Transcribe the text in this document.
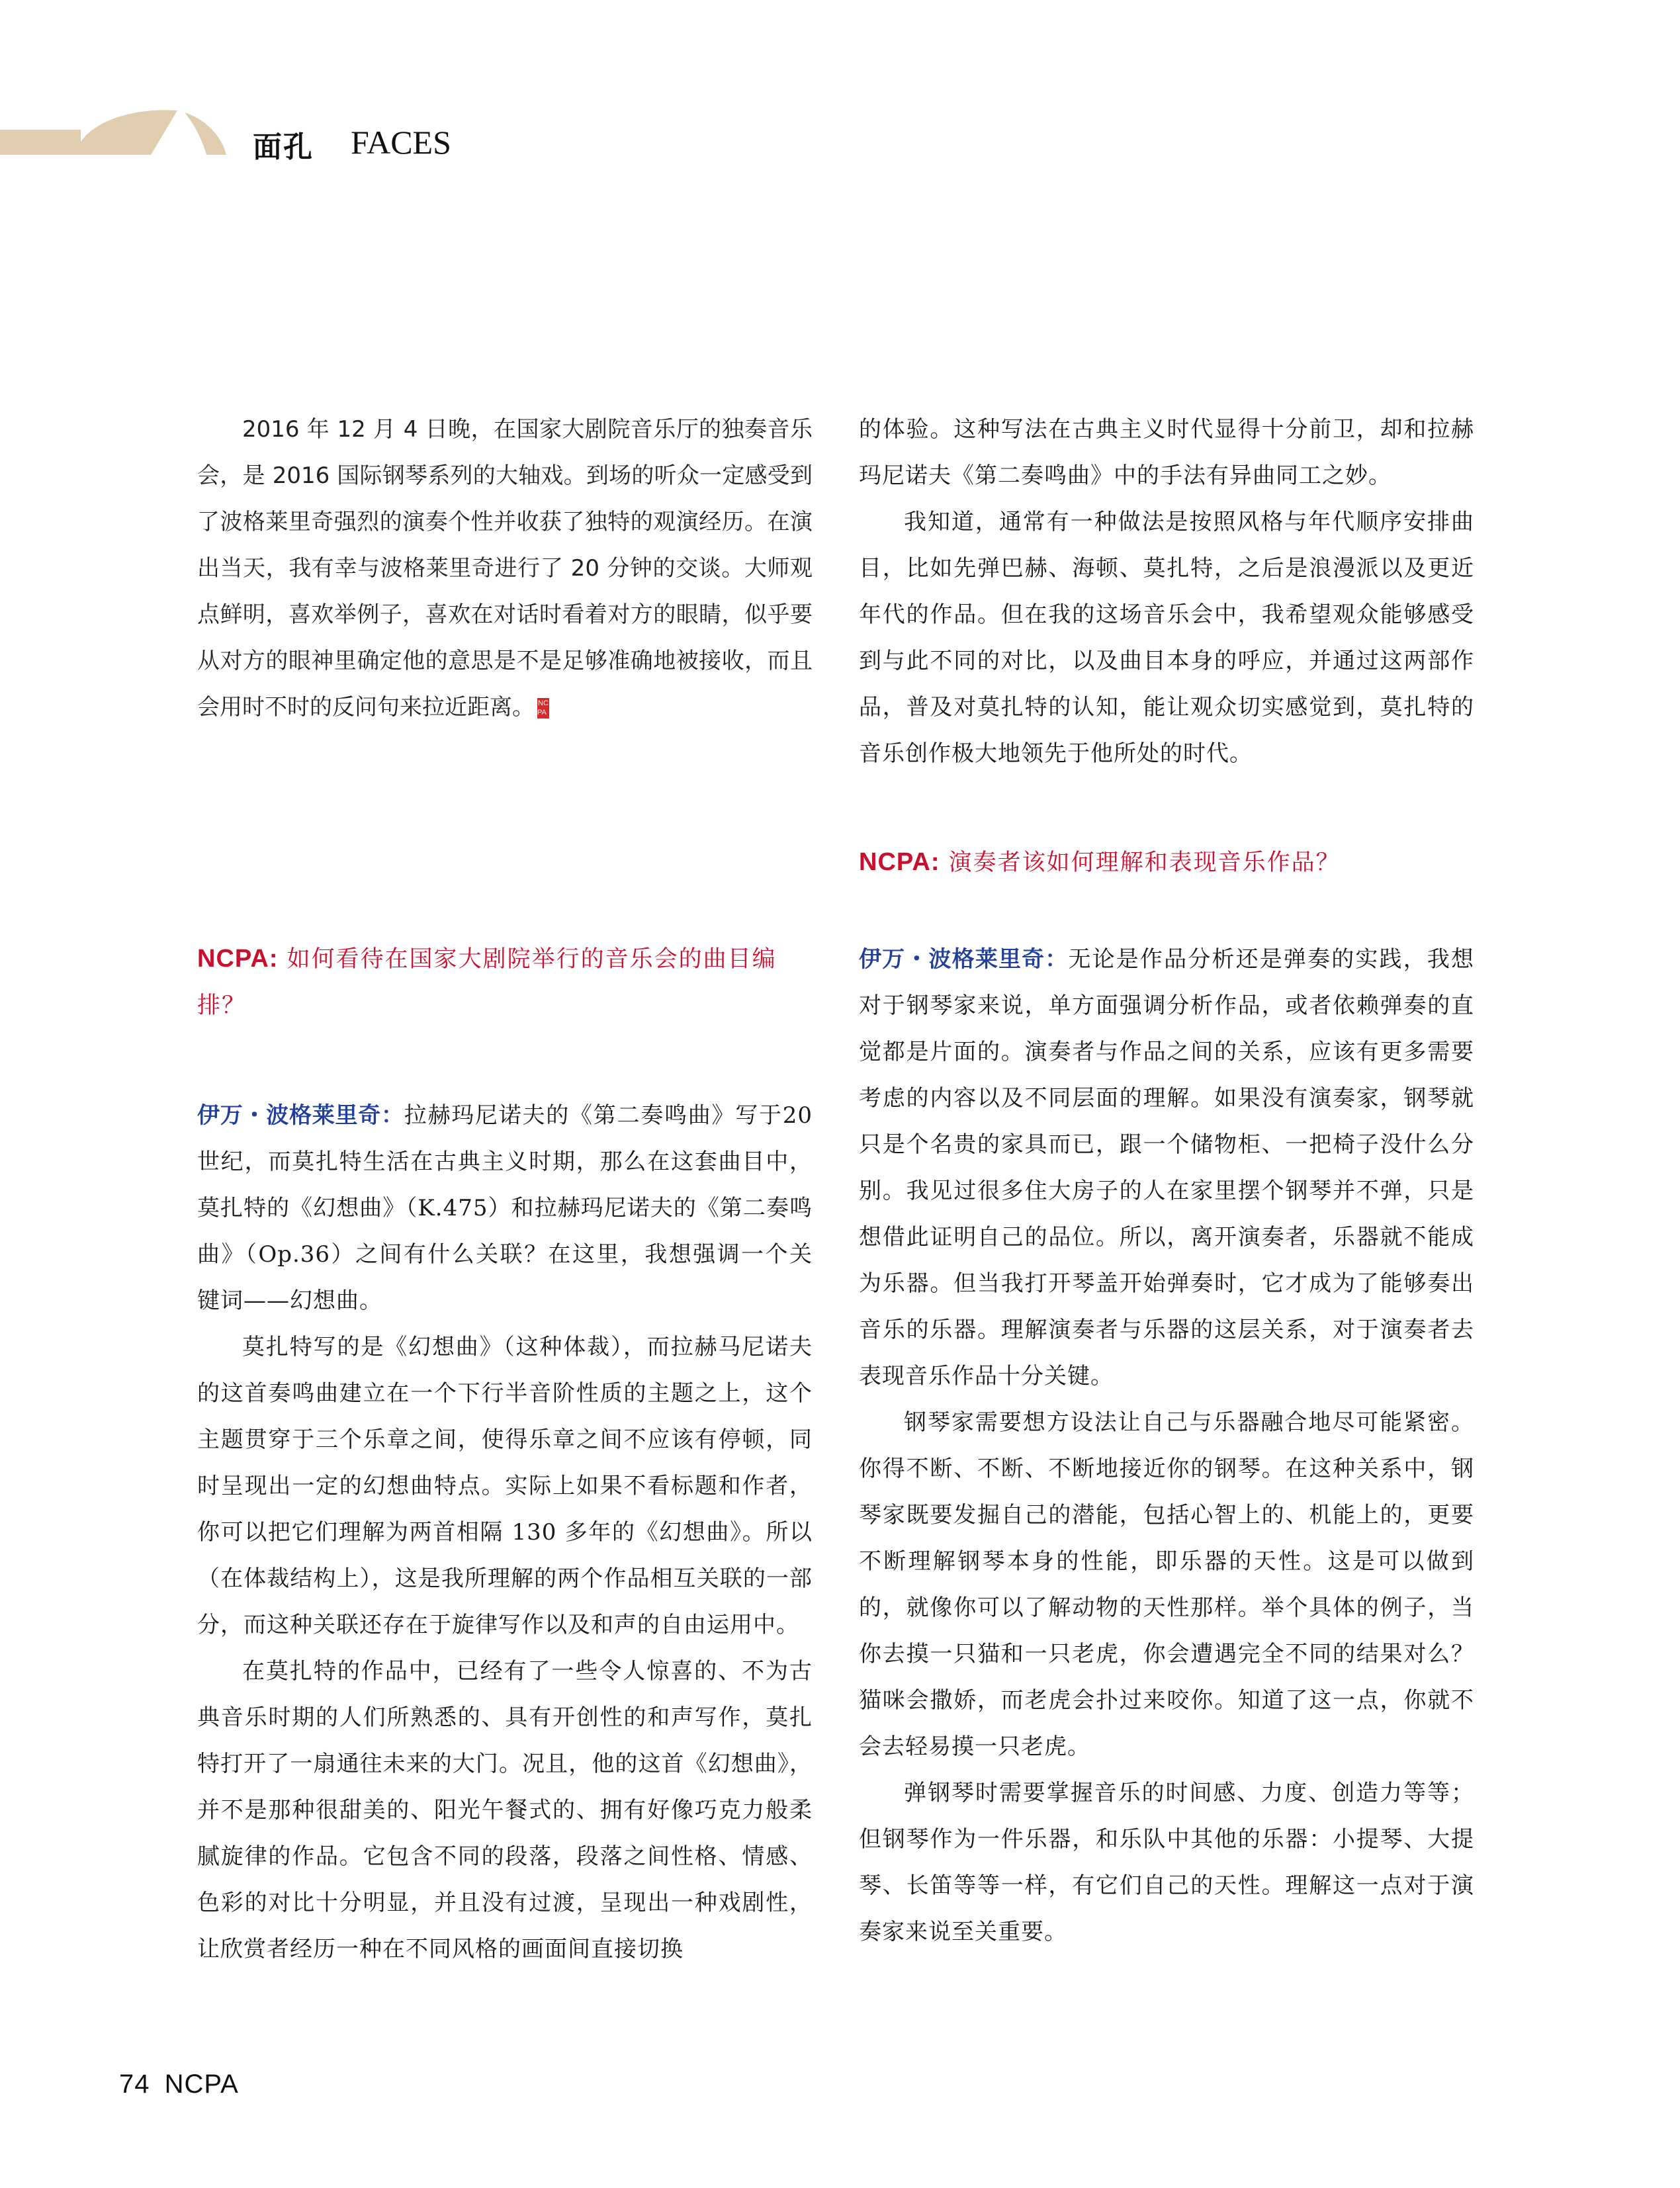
面孔 FACES

2016 年 12 月 4 日晚，在国家大剧院音乐厅的独奏音乐会，是 2016 国际钢琴系列的大轴戏。到场的听众一定感受到了波格莱里奇强烈的演奏个性并收获了独特的观演经历。在演出当天，我有幸与波格莱里奇进行了 20 分钟的交谈。大师观点鲜明，喜欢举例子，喜欢在对话时看着对方的眼睛，似乎要从对方的眼神里确定他的意思是不是足够准确地被接收，而且会用时不时的反问句来拉近距离。 NC PA

NCPA: 如何看待在国家大剧院举行的音乐会的曲目编排？

伊万・波格莱里奇：拉赫玛尼诺夫的《第二奏鸣曲》写于20世纪，而莫扎特生活在古典主义时期，那么在这套曲目中，莫扎特的《幻想曲》（K.475）和拉赫玛尼诺夫的《第二奏鸣曲》（Op.36）之间有什么关联？在这里，我想强调一个关键词——幻想曲。

莫扎特写的是《幻想曲》（这种体裁），而拉赫马尼诺夫的这首奏鸣曲建立在一个下行半音阶性质的主题之上，这个主题贯穿于三个乐章之间，使得乐章之间不应该有停顿，同时呈现出一定的幻想曲特点。实际上如果不看标题和作者，你可以把它们理解为两首相隔 130 多年的《幻想曲》。所以（在体裁结构上），这是我所理解的两个作品相互关联的一部分，而这种关联还存在于旋律写作以及和声的自由运用中。

在莫扎特的作品中，已经有了一些令人惊喜的、不为古典音乐时期的人们所熟悉的、具有开创性的和声写作，莫扎特打开了一扇通往未来的大门。况且，他的这首《幻想曲》，并不是那种很甜美的、阳光午餐式的、拥有好像巧克力般柔腻旋律的作品。它包含不同的段落，段落之间性格、情感、色彩的对比十分明显，并且没有过渡，呈现出一种戏剧性，让欣赏者经历一种在不同风格的画面间直接切换

的体验。这种写法在古典主义时代显得十分前卫，却和拉赫玛尼诺夫《第二奏鸣曲》中的手法有异曲同工之妙。

我知道，通常有一种做法是按照风格与年代顺序安排曲目，比如先弹巴赫、海顿、莫扎特，之后是浪漫派以及更近年代的作品。但在我的这场音乐会中，我希望观众能够感受到与此不同的对比，以及曲目本身的呼应，并通过这两部作品，普及对莫扎特的认知，能让观众切实感觉到，莫扎特的音乐创作极大地领先于他所处的时代。

NCPA: 演奏者该如何理解和表现音乐作品？

伊万・波格莱里奇：无论是作品分析还是弹奏的实践，我想对于钢琴家来说，单方面强调分析作品，或者依赖弹奏的直觉都是片面的。演奏者与作品之间的关系，应该有更多需要考虑的内容以及不同层面的理解。如果没有演奏家，钢琴就只是个名贵的家具而已，跟一个储物柜、一把椅子没什么分别。我见过很多住大房子的人在家里摆个钢琴并不弹，只是想借此证明自己的品位。所以，离开演奏者，乐器就不能成为乐器。但当我打开琴盖开始弹奏时，它才成为了能够奏出音乐的乐器。理解演奏者与乐器的这层关系，对于演奏者去表现音乐作品十分关键。

钢琴家需要想方设法让自己与乐器融合地尽可能紧密。你得不断、不断、不断地接近你的钢琴。在这种关系中，钢琴家既要发掘自己的潜能，包括心智上的、机能上的，更要不断理解钢琴本身的性能，即乐器的天性。这是可以做到的，就像你可以了解动物的天性那样。举个具体的例子，当你去摸一只猫和一只老虎，你会遭遇完全不同的结果对么？猫咪会撒娇，而老虎会扑过来咬你。知道了这一点，你就不会去轻易摸一只老虎。

弹钢琴时需要掌握音乐的时间感、力度、创造力等等；但钢琴作为一件乐器，和乐队中其他的乐器：小提琴、大提琴、长笛等等一样，有它们自己的天性。理解这一点对于演奏家来说至关重要。

74 NCPA
